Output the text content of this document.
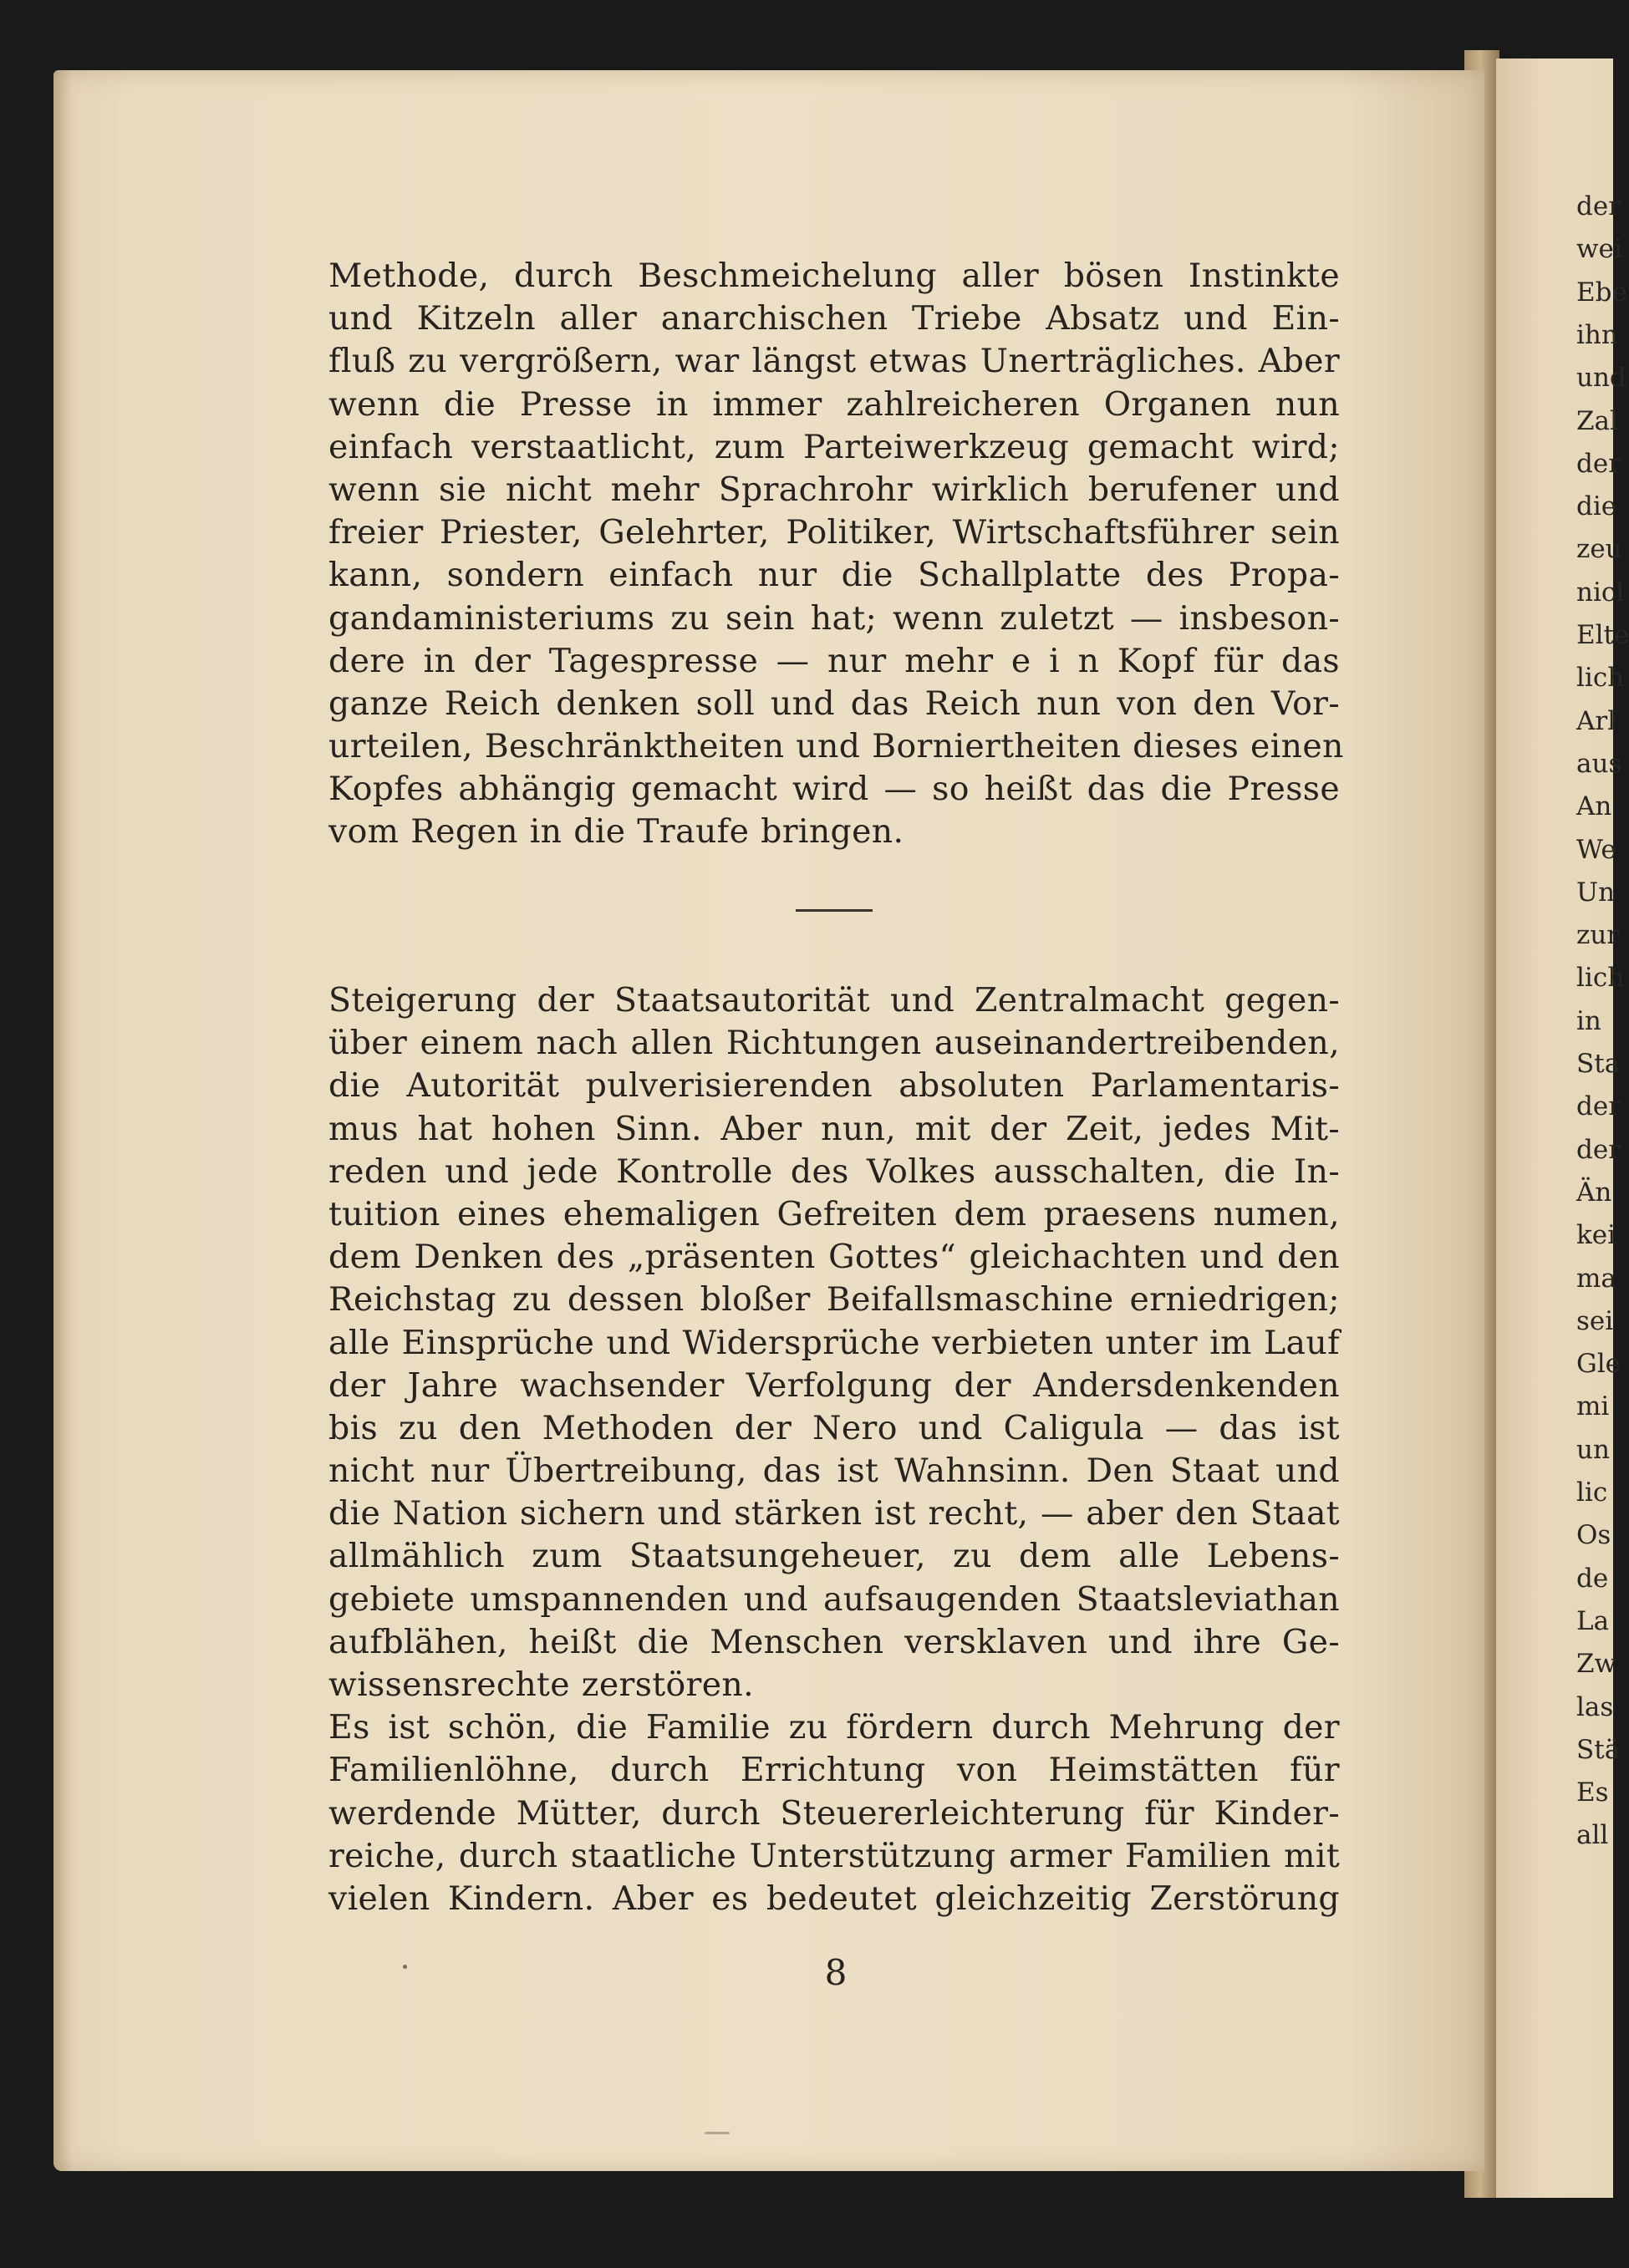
der
wei
Ebe
ihn
und
Zal
der
die
zeu
nicl
Elte
lich
Arl
aus
An
We
Un
zur
lich
in
Sta
der
der
Än
kei
ma
sei
Gle
mi
un
lic
Os
de
La
Zw
las
Stä
Es
all
Methode, durch Beschmeichelung aller bösen Instinkte
und Kitzeln aller anarchischen Triebe Absatz und Ein-
fluß zu vergrößern, war längst etwas Unerträgliches. Aber
wenn die Presse in immer zahlreicheren Organen nun
einfach verstaatlicht, zum Parteiwerkzeug gemacht wird;
wenn sie nicht mehr Sprachrohr wirklich berufener und
freier Priester, Gelehrter, Politiker, Wirtschaftsführer sein
kann, sondern einfach nur die Schallplatte des Propa-
gandaministeriums zu sein hat; wenn zuletzt — insbeson-
dere in der Tagespresse — nur mehr e i n Kopf für das
ganze Reich denken soll und das Reich nun von den Vor-
urteilen, Beschränktheiten und Borniertheiten dieses einen
Kopfes abhängig gemacht wird — so heißt das die Presse
vom Regen in die Traufe bringen.
Steigerung der Staatsautorität und Zentralmacht gegen-
über einem nach allen Richtungen auseinandertreibenden,
die Autorität pulverisierenden absoluten Parlamentaris-
mus hat hohen Sinn. Aber nun, mit der Zeit, jedes Mit-
reden und jede Kontrolle des Volkes ausschalten, die In-
tuition eines ehemaligen Gefreiten dem praesens numen,
dem Denken des „präsenten Gottes“ gleichachten und den
Reichstag zu dessen bloßer Beifallsmaschine erniedrigen;
alle Einsprüche und Widersprüche verbieten unter im Lauf
der Jahre wachsender Verfolgung der Andersdenkenden
bis zu den Methoden der Nero und Caligula — das ist
nicht nur Übertreibung, das ist Wahnsinn. Den Staat und
die Nation sichern und stärken ist recht, — aber den Staat
allmählich zum Staatsungeheuer, zu dem alle Lebens-
gebiete umspannenden und aufsaugenden Staatsleviathan
aufblähen, heißt die Menschen versklaven und ihre Ge-
wissensrechte zerstören.
Es ist schön, die Familie zu fördern durch Mehrung der
Familienlöhne, durch Errichtung von Heimstätten für
werdende Mütter, durch Steuererleichterung für Kinder-
reiche, durch staatliche Unterstützung armer Familien mit
vielen Kindern. Aber es bedeutet gleichzeitig Zerstörung
8
